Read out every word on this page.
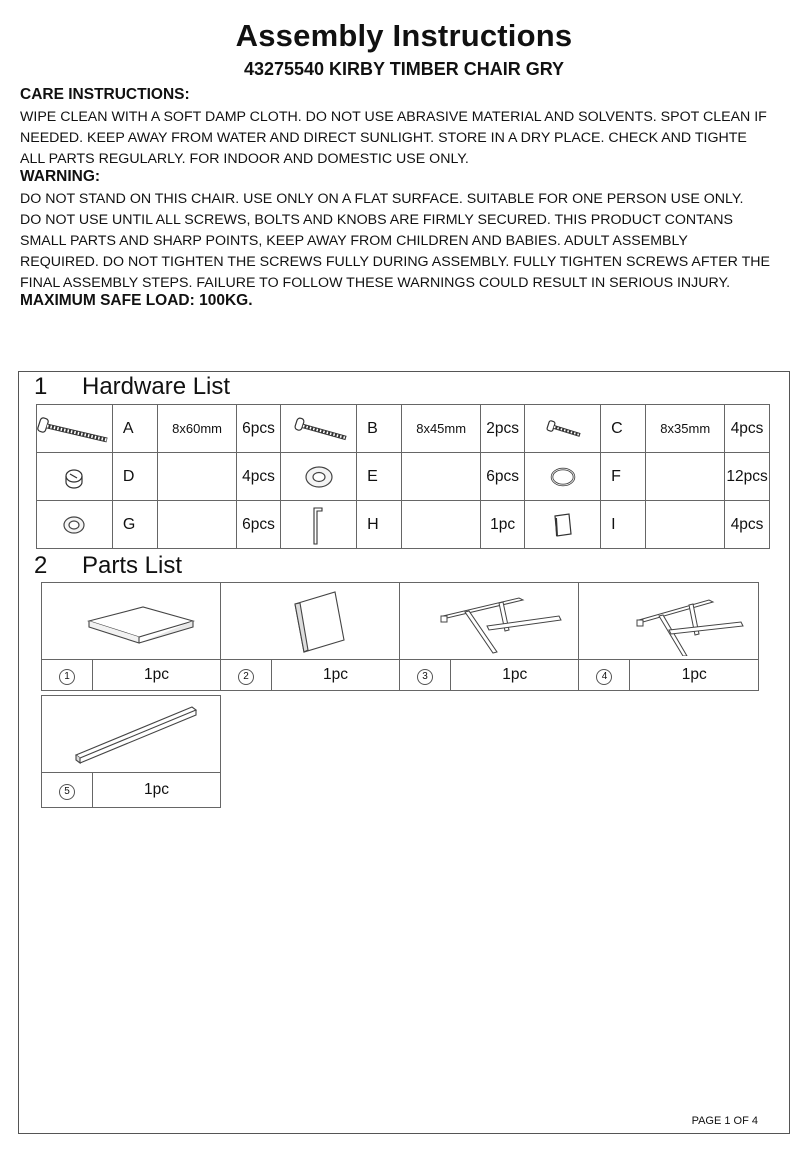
Assembly Instructions
43275540 KIRBY TIMBER CHAIR GRY
CARE INSTRUCTIONS:

WIPE CLEAN WITH A SOFT DAMP CLOTH. DO NOT USE ABRASIVE MATERIAL AND SOLVENTS. SPOT CLEAN IF
NEEDED. KEEP AWAY FROM WATER AND DIRECT SUNLIGHT. STORE IN A DRY PLACE. CHECK AND TIGHTE
ALL PARTS REGULARLY. FOR INDOOR AND DOMESTIC USE ONLY.

WARNING:

DO NOT STAND ON THIS CHAIR. USE ONLY ON A FLAT SURFACE. SUITABLE FOR ONE PERSON USE ONLY.
DO NOT USE UNTIL ALL SCREWS, BOLTS AND KNOBS ARE FIRMLY SECURED. THIS PRODUCT CONTANS
SMALL PARTS AND SHARP POINTS, KEEP AWAY FROM CHILDREN AND BABIES. ADULT ASSEMBLY
REQUIRED. DO NOT TIGHTEN THE SCREWS FULLY DURING ASSEMBLY. FULLY TIGHTEN SCREWS AFTER THE
FINAL ASSEMBLY STEPS. FAILURE TO FOLLOW THESE WARNINGS COULD RESULT IN SERIOUS INJURY.

MAXIMUM SAFE LOAD: 100KG.
1 Hardware List
	A	8x60mm	6pcs		B	8x45mm	2pcs		C	8x35mm	4pcs

	D		4pcs		E		6pcs		F		12pcs

	G		6pcs		H		1pc		I		4pcs
2 Parts List

1	1pc	2	1pc	3	1pc	4	1pc

5	1pc
PAGE 1 OF 4
